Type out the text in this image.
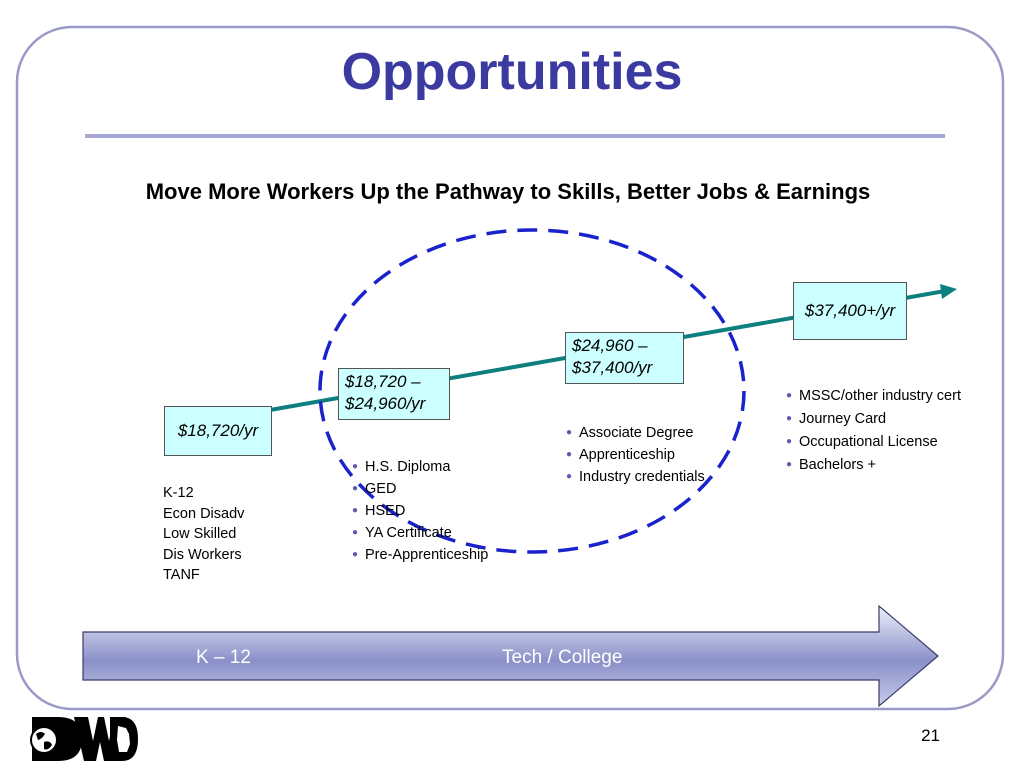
Opportunities
Move More Workers Up the Pathway to Skills, Better Jobs & Earnings
$18,720/yr
$18,720 –
$24,960/yr
$24,960 –
$37,400/yr
$37,400+/yr
K-12
Econ Disadv
Low Skilled
Dis Workers
TANF
● H.S. Diploma
● GED
● HSED
● YA Certificate
● Pre-Apprenticeship
● Associate Degree
● Apprenticeship
● Industry credentials
● MSSC/other industry cert
● Journey Card
● Occupational License
● Bachelors +
K – 12	Tech / College
21
